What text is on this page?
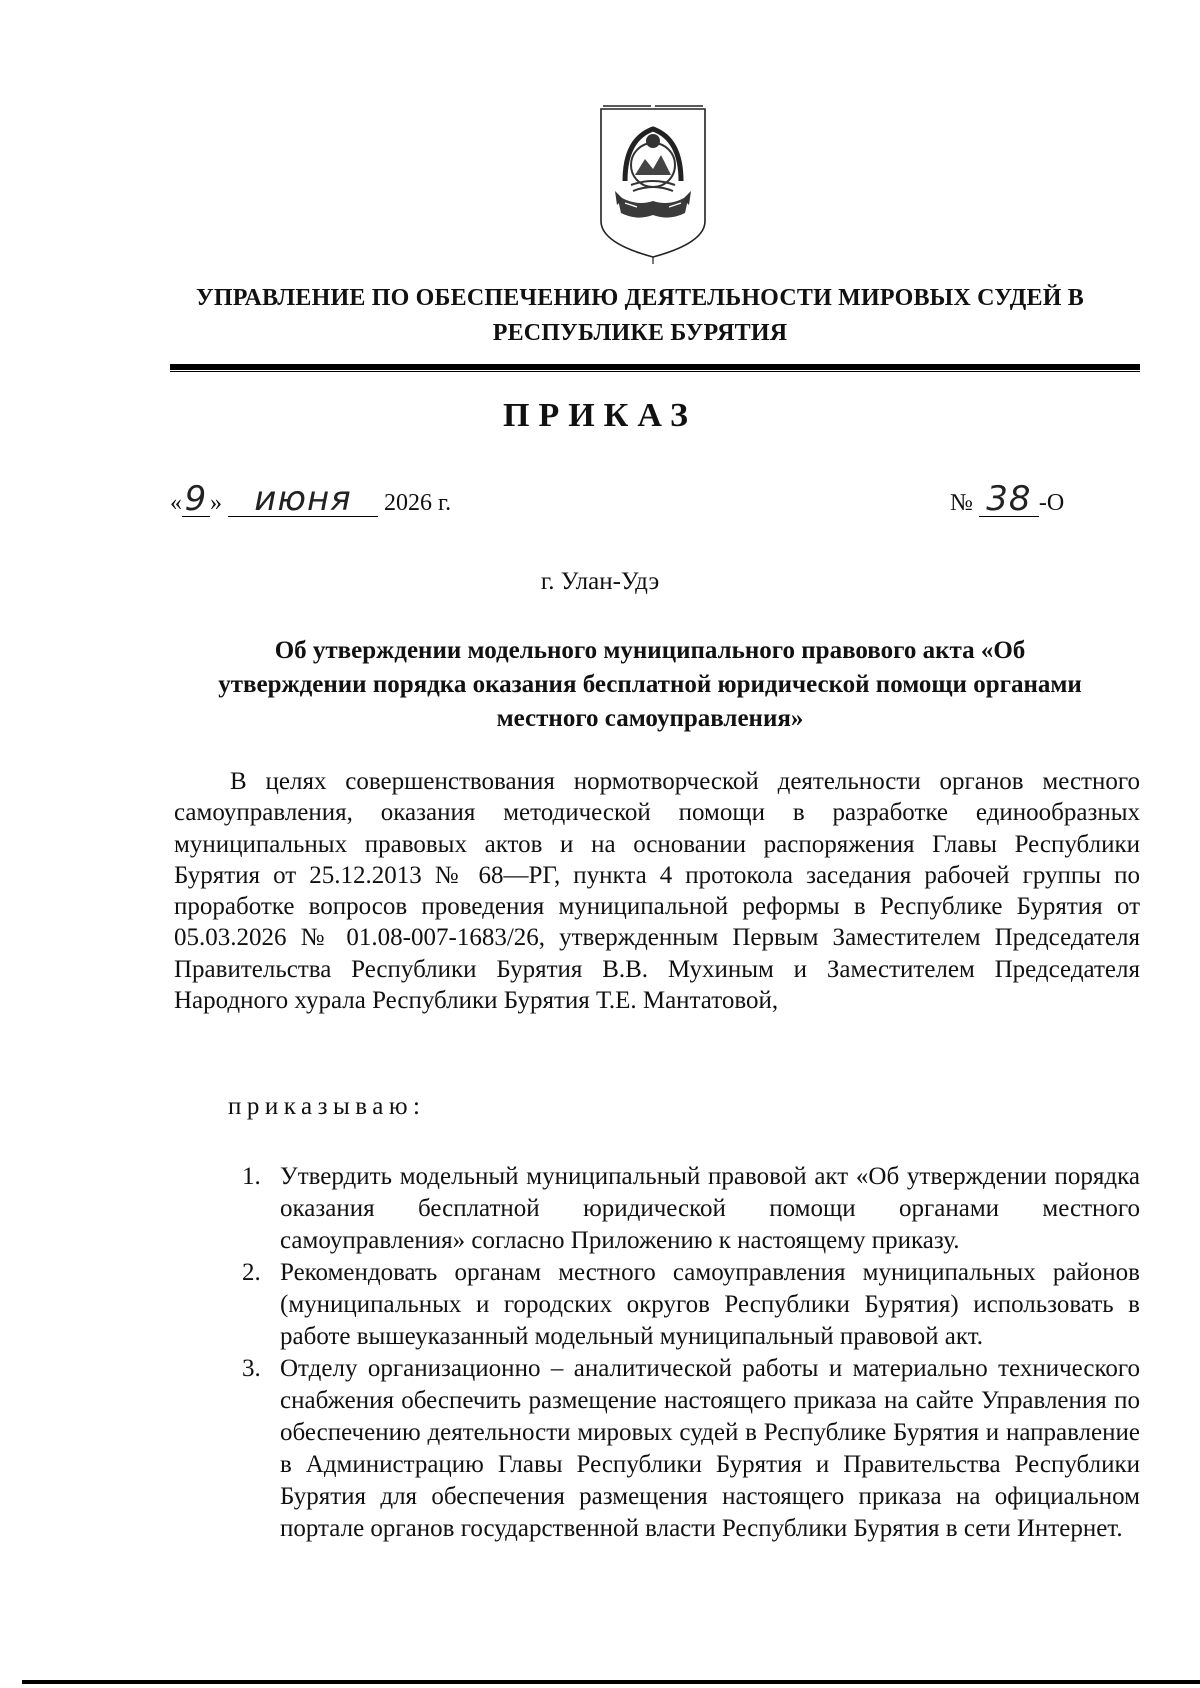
УПРАВЛЕНИЕ ПО ОБЕСПЕЧЕНИЮ ДЕЯТЕЛЬНОСТИ МИРОВЫХ СУДЕЙ В
РЕСПУБЛИКЕ БУРЯТИЯ
ПРИКАЗ
«9 » июня 2026 г.	№ 38 -О
г. Улан-Удэ
Об утверждении модельного муниципального правового акта «Об утверждении порядка оказания бесплатной юридической помощи органами местного самоуправления»

В целях совершенствования нормотворческой деятельности органов местного самоуправления, оказания методической помощи в разработке единообразных муниципальных правовых актов и на основании распоряжения Главы Республики Бурятия от 25.12.2013 № 68—РГ, пункта 4 протокола заседания рабочей группы по проработке вопросов проведения муниципальной реформы в Республике Бурятия от 05.03.2026 № 01.08-007-1683/26, утвержденным Первым Заместителем Председателя Правительства Республики Бурятия В.В. Мухиным и Заместителем Председателя Народного хурала Республики Бурятия Т.Е. Мантатовой,

приказываю:
1. Утвердить модельный муниципальный правовой акт «Об утверждении порядка оказания бесплатной юридической помощи органами местного самоуправления» согласно Приложению к настоящему приказу.
2. Рекомендовать органам местного самоуправления муниципальных районов (муниципальных и городских округов Республики Бурятия) использовать в работе вышеуказанный модельный муниципальный правовой акт.
3. Отделу организационно – аналитической работы и материально технического снабжения обеспечить размещение настоящего приказа на сайте Управления по обеспечению деятельности мировых судей в Республике Бурятия и направление в Администрацию Главы Республики Бурятия и Правительства Республики Бурятия для обеспечения размещения настоящего приказа на официальном портале органов государственной власти Республики Бурятия в сети Интернет.
